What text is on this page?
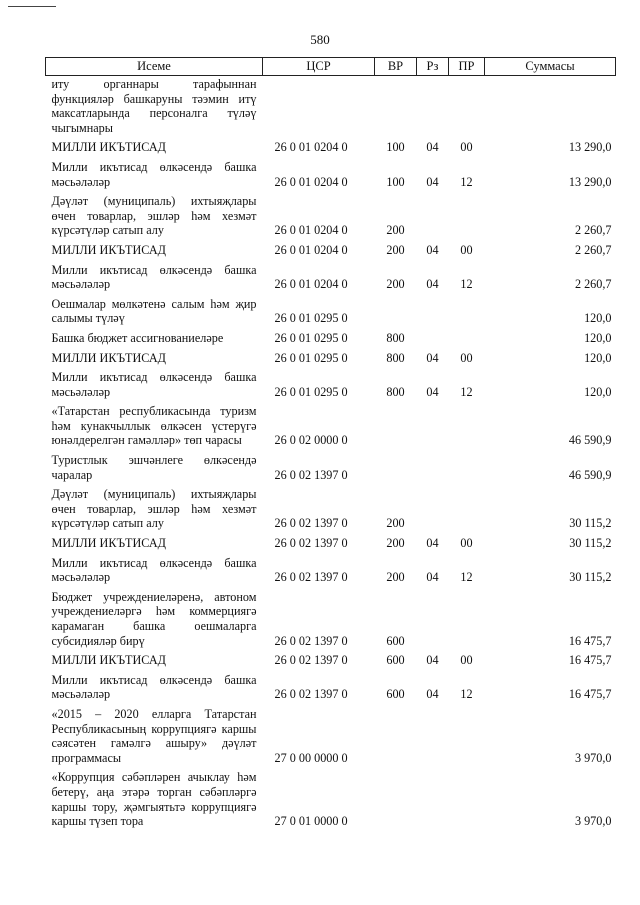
580
Исеме	ЦСР	ВР	Рз	ПР	Суммасы
иту органнары тарафыннан функцияләр башкаруны тәэмин итү максатларында персоналга түләү чыгымнары					
МИЛЛИ ИКЪТИСАД	26 0 01 0204 0	100	04	00	13 290,0
Милли икътисад өлкәсендә башка мәсьәләләр	26 0 01 0204 0	100	04	12	13 290,0
Дәүләт (муниципаль) ихтыяҗлары өчен товарлар, эшләр һәм хезмәт күрсәтүләр сатып алу	26 0 01 0204 0	200			2 260,7
МИЛЛИ ИКЪТИСАД	26 0 01 0204 0	200	04	00	2 260,7
Милли икътисад өлкәсендә башка мәсьәләләр	26 0 01 0204 0	200	04	12	2 260,7
Оешмалар мөлкәтенә салым һәм җир салымы түләү	26 0 01 0295 0				120,0
Башка бюджет ассигнованиеләре	26 0 01 0295 0	800			120,0
МИЛЛИ ИКЪТИСАД	26 0 01 0295 0	800	04	00	120,0
Милли икътисад өлкәсендә башка мәсьәләләр	26 0 01 0295 0	800	04	12	120,0
«Татарстан республикасында туризм һәм кунакчыллык өлкәсен үстерүгә юнәлдерелгән гамәлләр» төп чарасы	26 0 02 0000 0				46 590,9
Туристлык эшчәнлеге өлкәсендә чаралар	26 0 02 1397 0				46 590,9
Дәүләт (муниципаль) ихтыяҗлары өчен товарлар, эшләр һәм хезмәт күрсәтүләр сатып алу	26 0 02 1397 0	200			30 115,2
МИЛЛИ ИКЪТИСАД	26 0 02 1397 0	200	04	00	30 115,2
Милли икътисад өлкәсендә башка мәсьәләләр	26 0 02 1397 0	200	04	12	30 115,2
Бюджет учреждениеләренә, автоном учреждениеләргә һәм коммерциягә карамаган башка оешмаларга субсидияләр бирү	26 0 02 1397 0	600			16 475,7
МИЛЛИ ИКЪТИСАД	26 0 02 1397 0	600	04	00	16 475,7
Милли икътисад өлкәсендә башка мәсьәләләр	26 0 02 1397 0	600	04	12	16 475,7
«2015 – 2020 елларга Татарстан Республикасының коррупциягә каршы сәясәтен гамәлгә ашыру» дәүләт программасы	27 0 00 0000 0				3 970,0
«Коррупция сәбәпләрен ачыклау һәм бетерү, аңа этәрә торган сәбәпләргә каршы тору, җәмгыятьтә коррупциягә каршы түзеп тора	27 0 01 0000 0				3 970,0
